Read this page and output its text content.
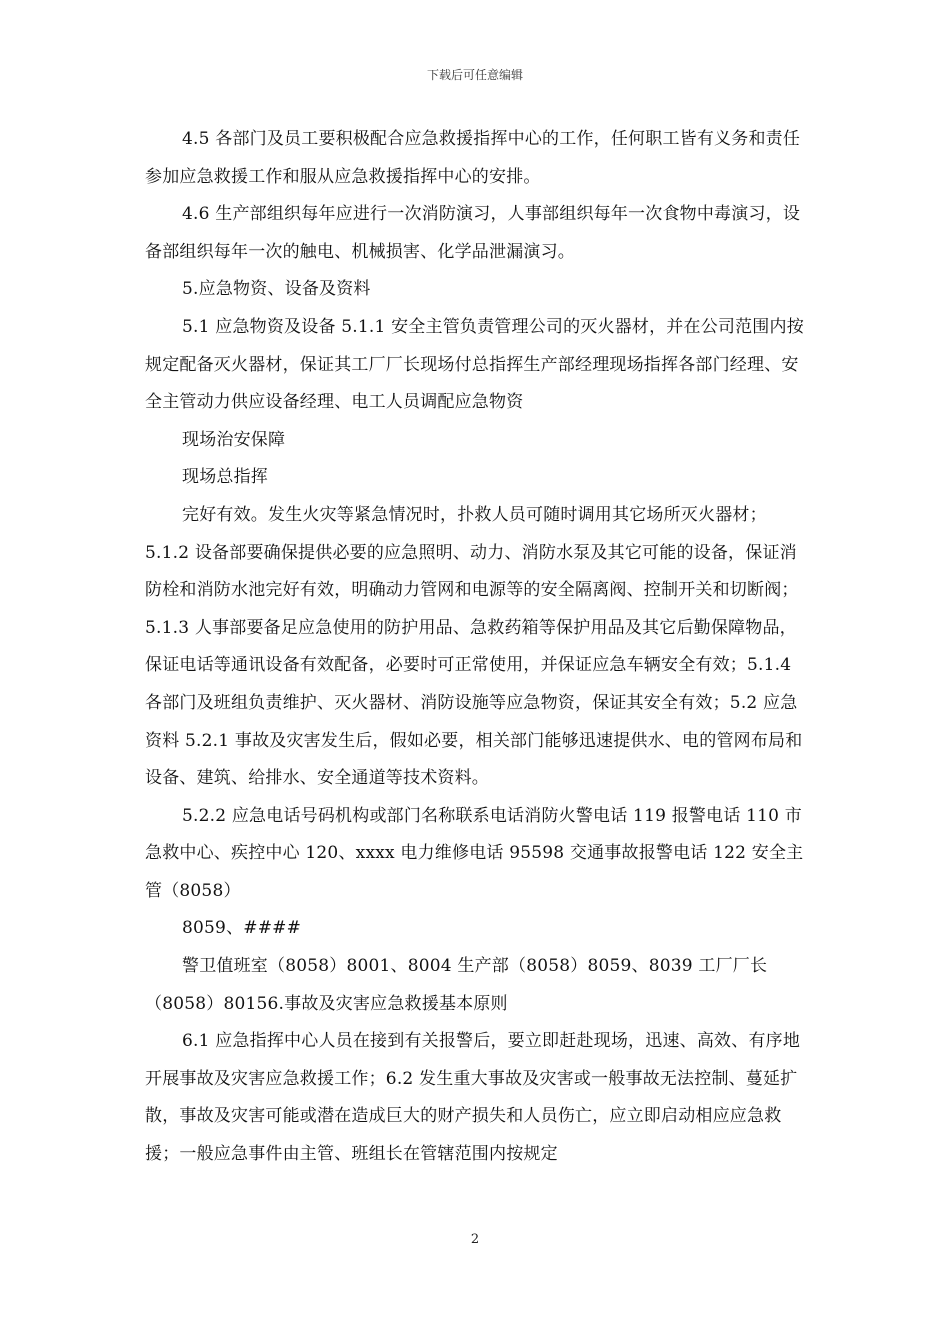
下载后可任意编辑

4.5 各部门及员工要积极配合应急救援指挥中心的工作，任何职工皆有义务和责任参加应急救援工作和服从应急救援指挥中心的安排。

4.6 生产部组织每年应进行一次消防演习，人事部组织每年一次食物中毒演习，设备部组织每年一次的触电、机械损害、化学品泄漏演习。

5.应急物资、设备及资料

5.1 应急物资及设备 5.1.1 安全主管负责管理公司的灭火器材，并在公司范围内按规定配备灭火器材，保证其工厂厂长现场付总指挥生产部经理现场指挥各部门经理、安全主管动力供应设备经理、电工人员调配应急物资

现场治安保障

现场总指挥

完好有效。发生火灾等紧急情况时，扑救人员可随时调用其它场所灭火器材；5.1.2 设备部要确保提供必要的应急照明、动力、消防水泵及其它可能的设备，保证消防栓和消防水池完好有效，明确动力管网和电源等的安全隔离阀、控制开关和切断阀；5.1.3 人事部要备足应急使用的防护用品、急救药箱等保护用品及其它后勤保障物品，保证电话等通讯设备有效配备，必要时可正常使用，并保证应急车辆安全有效；5.1.4 各部门及班组负责维护、灭火器材、消防设施等应急物资，保证其安全有效；5.2 应急资料 5.2.1 事故及灾害发生后，假如必要，相关部门能够迅速提供水、电的管网布局和设备、建筑、给排水、安全通道等技术资料。

5.2.2 应急电话号码机构或部门名称联系电话消防火警电话 119 报警电话 110 市急救中心、疾控中心 120、xxxx 电力维修电话 95598 交通事故报警电话 122 安全主管（8058）

8059、####

警卫值班室（8058）8001、8004 生产部（8058）8059、8039 工厂厂长（8058）80156.事故及灾害应急救援基本原则

6.1 应急指挥中心人员在接到有关报警后，要立即赶赴现场，迅速、高效、有序地开展事故及灾害应急救援工作；6.2 发生重大事故及灾害或一般事故无法控制、蔓延扩散，事故及灾害可能或潜在造成巨大的财产损失和人员伤亡，应立即启动相应应急救援；一般应急事件由主管、班组长在管辖范围内按规定

2
